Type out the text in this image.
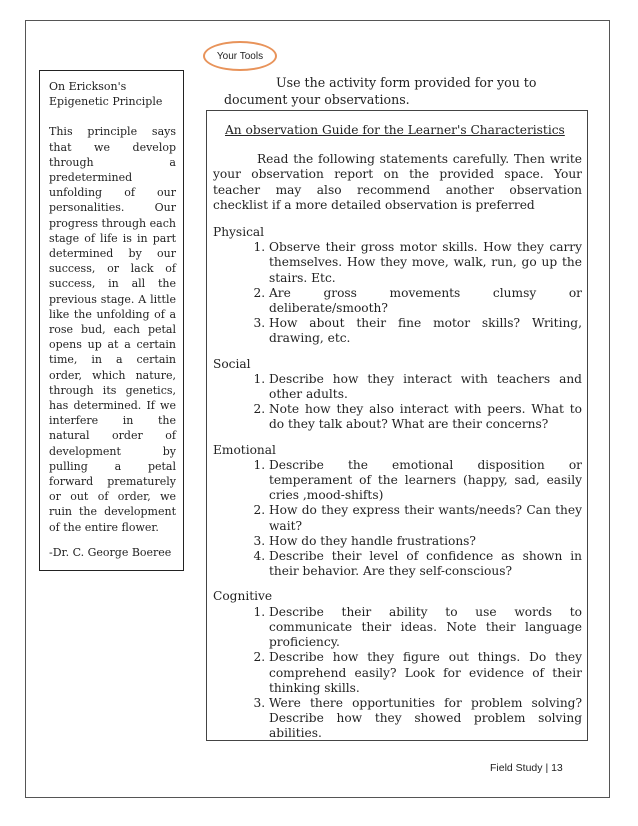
Your Tools

On Erickson's
Epigenetic Principle

This principle says that we develop through a predetermined unfolding of our personalities. Our progress through each stage of life is in part determined by our success, or lack of success, in all the previous stage. A little like the unfolding of a rose bud, each petal opens up at a certain time, in a certain order, which nature, through its genetics, has determined. If we interfere in the natural order of development by pulling a petal forward prematurely or out of order, we ruin the development of the entire flower.

-Dr. C. George Boeree

Use the activity form provided for you to document your observations.

An observation Guide for the Learner's Characteristics

Read the following statements carefully. Then write your observation report on the provided space. Your teacher may also recommend another observation checklist if a more detailed observation is preferred

Physical

1. Observe their gross motor skills. How they carry themselves. How they move, walk, run, go up the stairs. Etc.
2. Are gross movements clumsy or deliberate/smooth?
3. How about their fine motor skills? Writing, drawing, etc.

Social

1. Describe how they interact with teachers and other adults.
2. Note how they also interact with peers. What to do they talk about? What are their concerns?

Emotional

1. Describe the emotional disposition or temperament of the learners (happy, sad, easily cries ,mood-shifts)
2. How do they express their wants/needs? Can they wait?
3. How do they handle frustrations?
4. Describe their level of confidence as shown in their behavior. Are they self-conscious?

Cognitive

1. Describe their ability to use words to communicate their ideas. Note their language proficiency.
2. Describe how they figure out things. Do they comprehend easily? Look for evidence of their thinking skills.
3. Were there opportunities for problem solving? Describe how they showed problem solving abilities.
Field Study | 13
